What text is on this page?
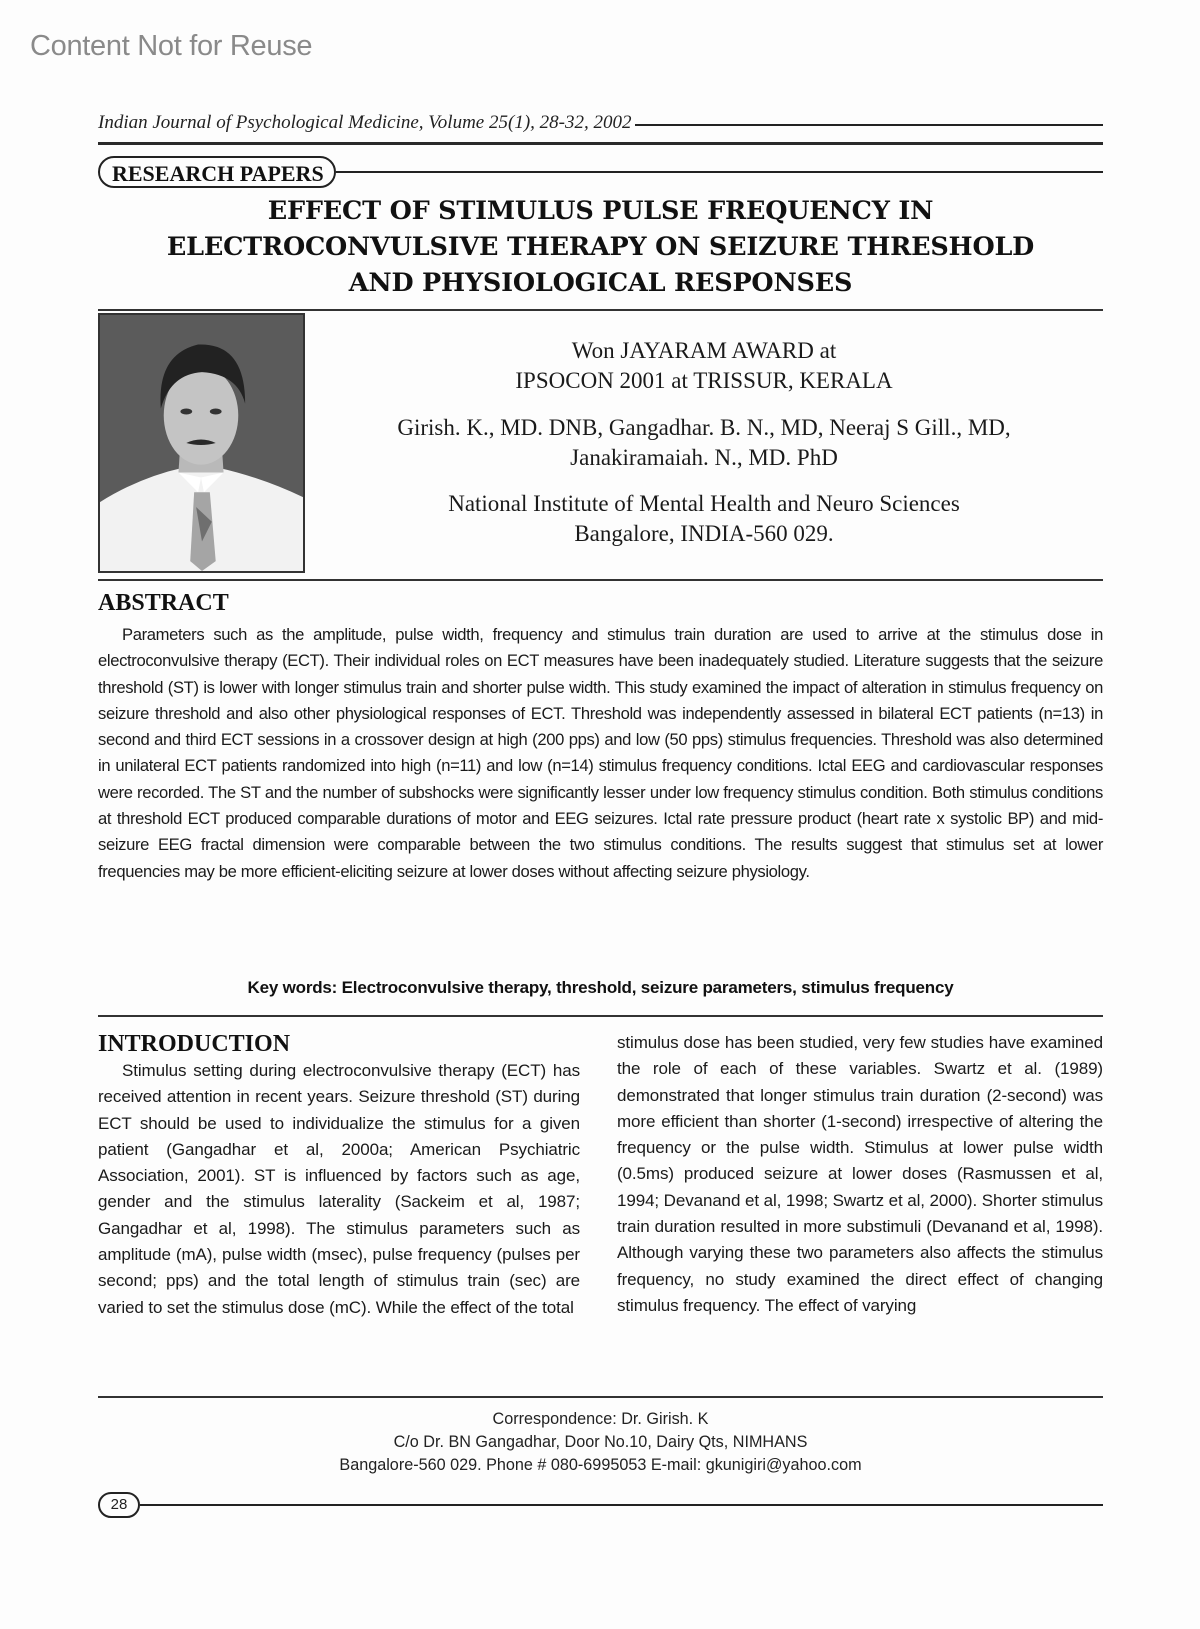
Content Not for Reuse
Indian Journal of Psychological Medicine, Volume 25(1), 28-32, 2002
RESEARCH PAPERS
EFFECT OF STIMULUS PULSE FREQUENCY IN
ELECTROCONVULSIVE THERAPY ON SEIZURE THRESHOLD
AND PHYSIOLOGICAL RESPONSES
Won JAYARAM AWARD at
IPSOCON 2001 at TRISSUR, KERALA
Girish. K., MD. DNB, Gangadhar. B. N., MD, Neeraj S Gill., MD,
Janakiramaiah. N., MD. PhD
National Institute of Mental Health and Neuro Sciences
Bangalore, INDIA-560 029.
ABSTRACT
Parameters such as the amplitude, pulse width, frequency and stimulus train duration are used to arrive at the stimulus dose in electroconvulsive therapy (ECT). Their individual roles on ECT measures have been inadequately studied. Literature suggests that the seizure threshold (ST) is lower with longer stimulus train and shorter pulse width. This study examined the impact of alteration in stimulus frequency on seizure threshold and also other physiological responses of ECT. Threshold was independently assessed in bilateral ECT patients (n=13) in second and third ECT sessions in a crossover design at high (200 pps) and low (50 pps) stimulus frequencies. Threshold was also determined in unilateral ECT patients randomized into high (n=11) and low (n=14) stimulus frequency conditions. Ictal EEG and cardiovascular responses were recorded. The ST and the number of subshocks were significantly lesser under low frequency stimulus condition. Both stimulus conditions at threshold ECT produced comparable durations of motor and EEG seizures. Ictal rate pressure product (heart rate x systolic BP) and mid-seizure EEG fractal dimension were comparable between the two stimulus conditions. The results suggest that stimulus set at lower frequencies may be more efficient-eliciting seizure at lower doses without affecting seizure physiology.
Key words: Electroconvulsive therapy, threshold, seizure parameters, stimulus frequency
INTRODUCTION
Stimulus setting during electroconvulsive therapy (ECT) has received attention in recent years. Seizure threshold (ST) during ECT should be used to individualize the stimulus for a given patient (Gangadhar et al, 2000a; American Psychiatric Association, 2001). ST is influenced by factors such as age, gender and the stimulus laterality (Sackeim et al, 1987; Gangadhar et al, 1998). The stimulus parameters such as amplitude (mA), pulse width (msec), pulse frequency (pulses per second; pps) and the total length of stimulus train (sec) are varied to set the stimulus dose (mC). While the effect of the total
stimulus dose has been studied, very few studies have examined the role of each of these variables. Swartz et al. (1989) demonstrated that longer stimulus train duration (2-second) was more efficient than shorter (1-second) irrespective of altering the frequency or the pulse width. Stimulus at lower pulse width (0.5ms) produced seizure at lower doses (Rasmussen et al, 1994; Devanand et al, 1998; Swartz et al, 2000). Shorter stimulus train duration resulted in more substimuli (Devanand et al, 1998). Although varying these two parameters also affects the stimulus frequency, no study examined the direct effect of changing stimulus frequency. The effect of varying
Correspondence: Dr. Girish. K
C/o Dr. BN Gangadhar, Door No.10, Dairy Qts, NIMHANS
Bangalore-560 029. Phone # 080-6995053 E-mail: gkunigiri@yahoo.com
28
